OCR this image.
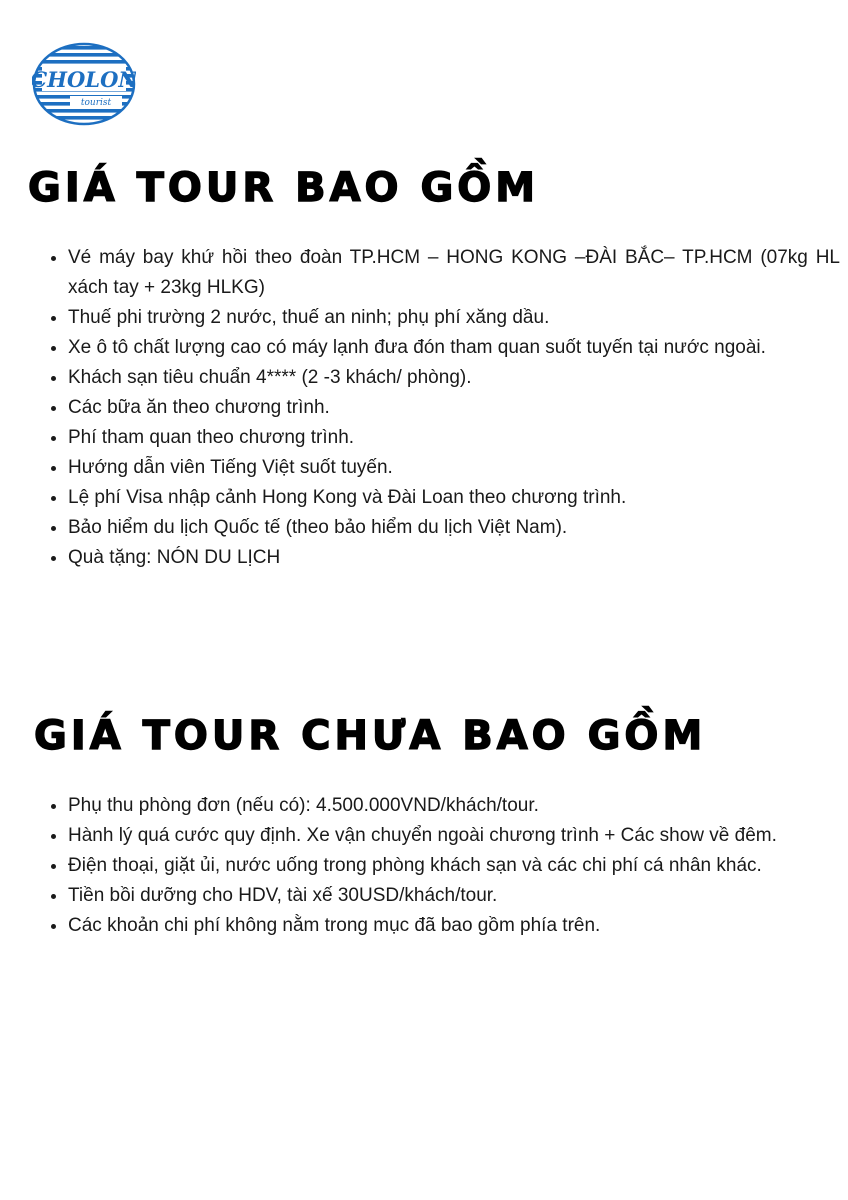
CHOLON
tourist
GIÁ TOUR BAO GỒM
• Vé máy bay khứ hồi theo đoàn TP.HCM – HONG KONG –ĐÀI BẮC– TP.HCM (07kg HL xách tay + 23kg HLKG)
• Thuế phi trường 2 nước, thuế an ninh; phụ phí xăng dầu.
• Xe ô tô chất lượng cao có máy lạnh đưa đón tham quan suốt tuyến tại nước ngoài.
• Khách sạn tiêu chuẩn 4**** (2 -3 khách/ phòng).
• Các bữa ăn theo chương trình.
• Phí tham quan theo chương trình.
• Hướng dẫn viên Tiếng Việt suốt tuyến.
• Lệ phí Visa nhập cảnh Hong Kong và Đài Loan theo chương trình.
• Bảo hiểm du lịch Quốc tế (theo bảo hiểm du lịch Việt Nam).
• Quà tặng: NÓN DU LỊCH
GIÁ TOUR CHƯA BAO GỒM
• Phụ thu phòng đơn (nếu có): 4.500.000VND/khách/tour.
• Hành lý quá cước quy định. Xe vận chuyển ngoài chương trình + Các show về đêm.
• Điện thoại, giặt ủi, nước uống trong phòng khách sạn và các chi phí cá nhân khác.
• Tiền bồi dưỡng cho HDV, tài xế 30USD/khách/tour.
• Các khoản chi phí không nằm trong mục đã bao gồm phía trên.
